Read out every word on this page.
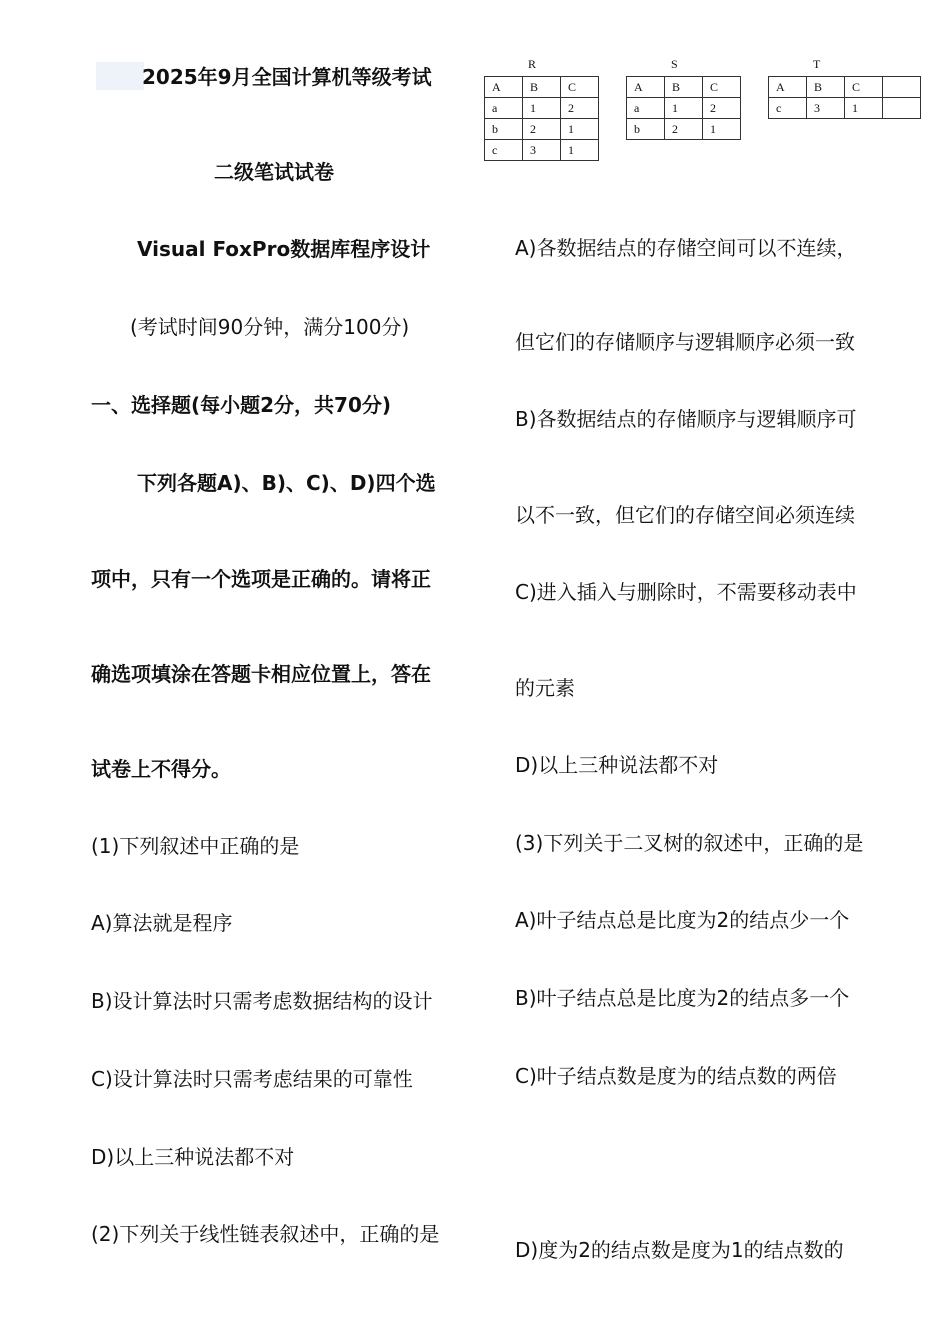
2025年9月全国计算机等级考试
二级笔试试卷
Visual FoxPro数据库程序设计
(考试时间90分钟，满分100分)
一、选择题(每小题2分，共70分)
下列各题A)、B)、C)、D)四个选
项中，只有一个选项是正确的。请将正
确选项填涂在答题卡相应位置上，答在
试卷上不得分。
(1)下列叙述中正确的是
A)算法就是程序
B)设计算法时只需考虑数据结构的设计
C)设计算法时只需考虑结果的可靠性
D)以上三种说法都不对
(2)下列关于线性链表叙述中，正确的是
R
A	B	C
a	1	2
b	2	1
c	3	1
S
A	B	C
a	1	2
b	2	1
T
A	B	C	
c	3	1	
A)各数据结点的存储空间可以不连续，
但它们的存储顺序与逻辑顺序必须一致
B)各数据结点的存储顺序与逻辑顺序可
以不一致，但它们的存储空间必须连续
C)进入插入与删除时，不需要移动表中
的元素
D)以上三种说法都不对
(3)下列关于二叉树的叙述中，正确的是
A)叶子结点总是比度为2的结点少一个
B)叶子结点总是比度为2的结点多一个
C)叶子结点数是度为的结点数的两倍
D)度为2的结点数是度为1的结点数的
